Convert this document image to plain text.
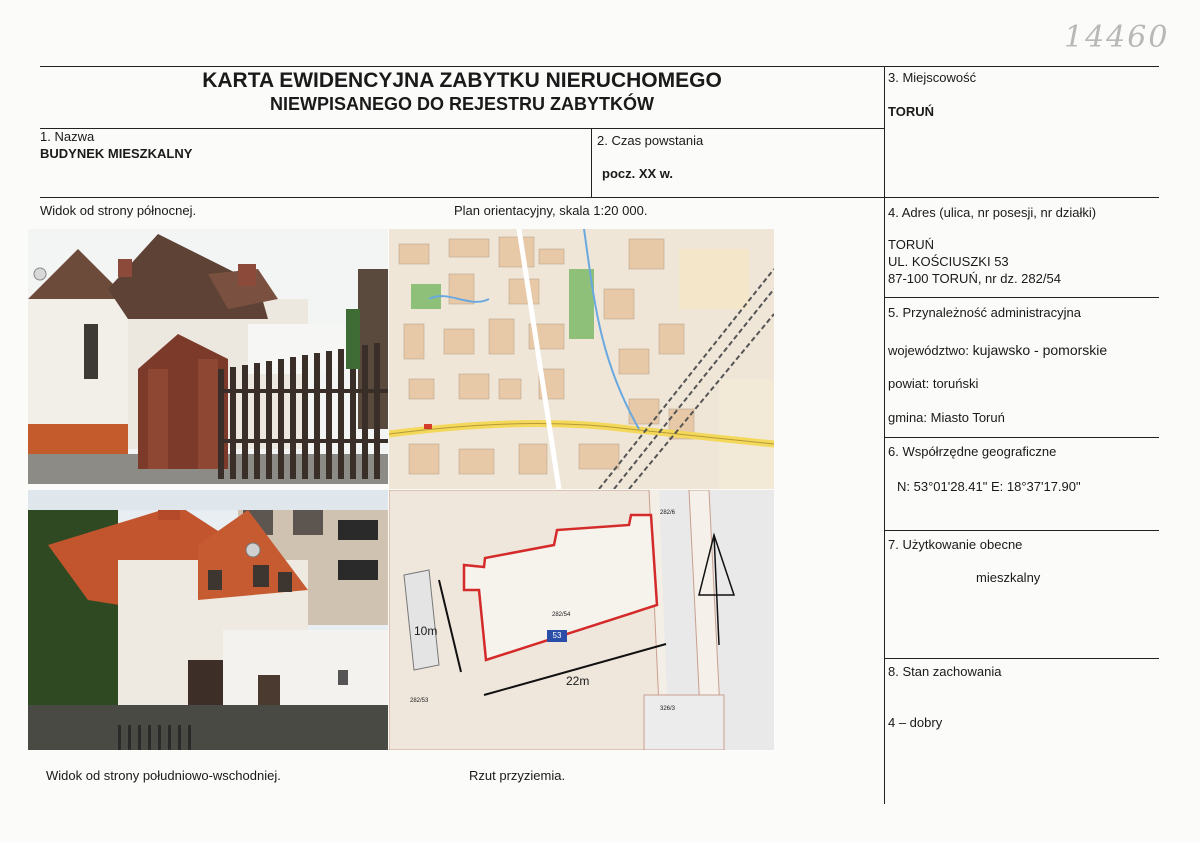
14460
KARTA EWIDENCYJNA ZABYTKU NIERUCHOMEGO
NIEWPISANEGO DO REJESTRU ZABYTKÓW
1. Nazwa
BUDYNEK MIESZKALNY
2. Czas powstania
pocz. XX w.
3. Miejscowość
TORUŃ
4. Adres (ulica, nr posesji, nr działki)
TORUŃ
UL. KOŚCIUSZKI 53
87-100 TORUŃ, nr dz. 282/54
5. Przynależność administracyjna
województwo: kujawsko - pomorskie
powiat: toruński
gmina: Miasto Toruń
6. Współrzędne geograficzne
N: 53°01'28.41" E: 18°37'17.90"
7. Użytkowanie obecne
mieszkalny
8. Stan zachowania
4 – dobry
Widok od strony północnej.	Plan orientacyjny, skala 1:20 000.
Widok od strony południowo-wschodniej.	Rzut przyziemia.
10m
22m
282/54
282/53
282/6
326/3
53
